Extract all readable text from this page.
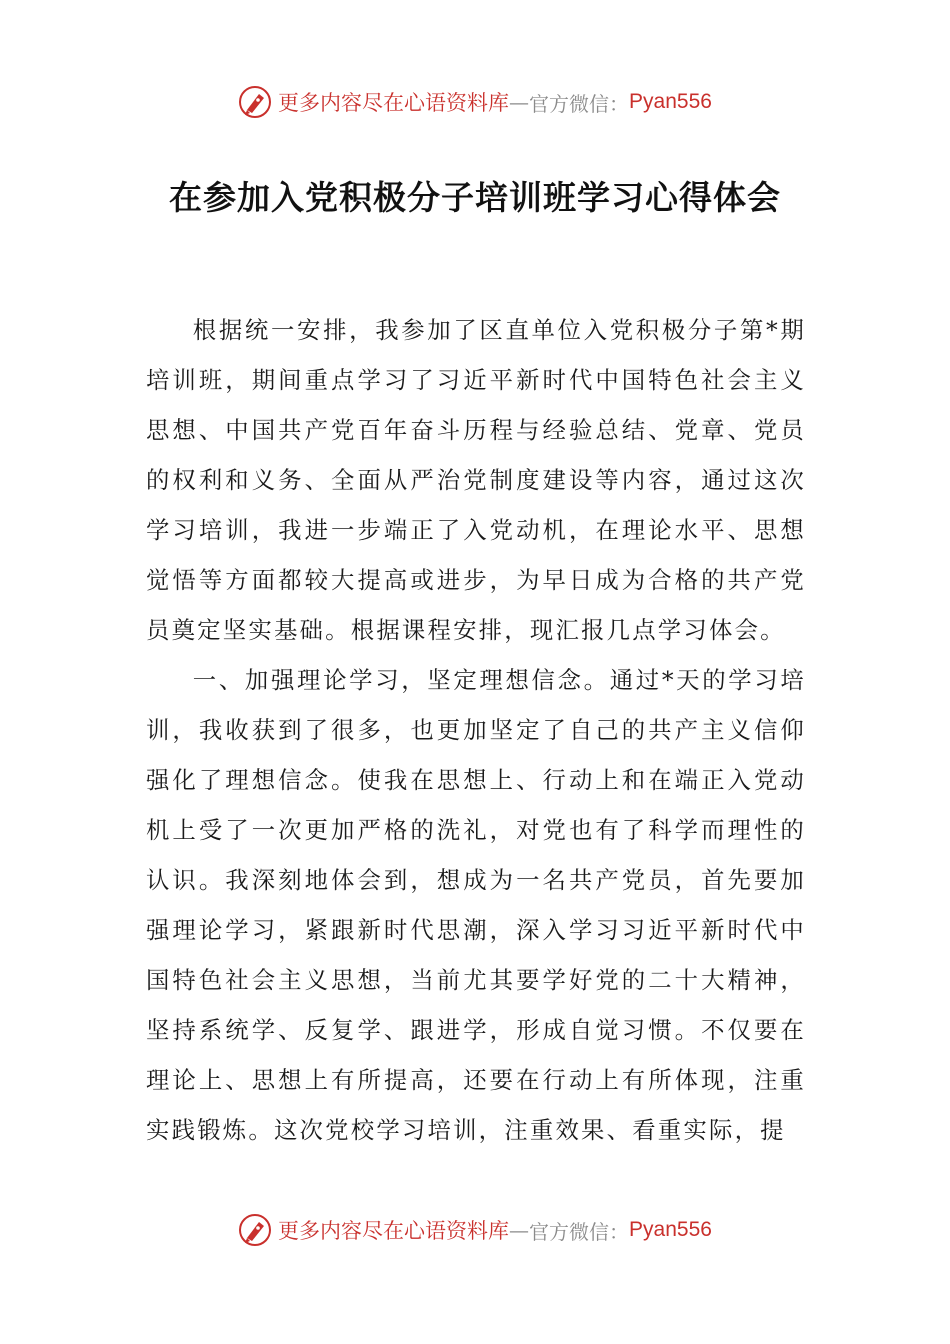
更多内容尽在心语资料库 — 官方微信： Pyan556
在参加入党积极分子培训班学习心得体会

根据统一安排，我参加了区直单位入党积极分子第*期培训班，期间重点学习了习近平新时代中国特色社会主义思想、中国共产党百年奋斗历程与经验总结、党章、党员的权利和义务、全面从严治党制度建设等内容，通过这次学习培训，我进一步端正了入党动机，在理论水平、思想觉悟等方面都较大提高或进步，为早日成为合格的共产党员奠定坚实基础。根据课程安排，现汇报几点学习体会。

一、加强理论学习，坚定理想信念。通过*天的学习培训，我收获到了很多，也更加坚定了自己的共产主义信仰强化了理想信念。使我在思想上、行动上和在端正入党动机上受了一次更加严格的洗礼，对党也有了科学而理性的认识。我深刻地体会到，想成为一名共产党员，首先要加强理论学习，紧跟新时代思潮，深入学习习近平新时代中国特色社会主义思想，当前尤其要学好党的二十大精神，坚持系统学、反复学、跟进学，形成自觉习惯。不仅要在理论上、思想上有所提高，还要在行动上有所体现，注重实践锻炼。这次党校学习培训，注重效果、看重实际，提

更多内容尽在心语资料库 — 官方微信： Pyan556
